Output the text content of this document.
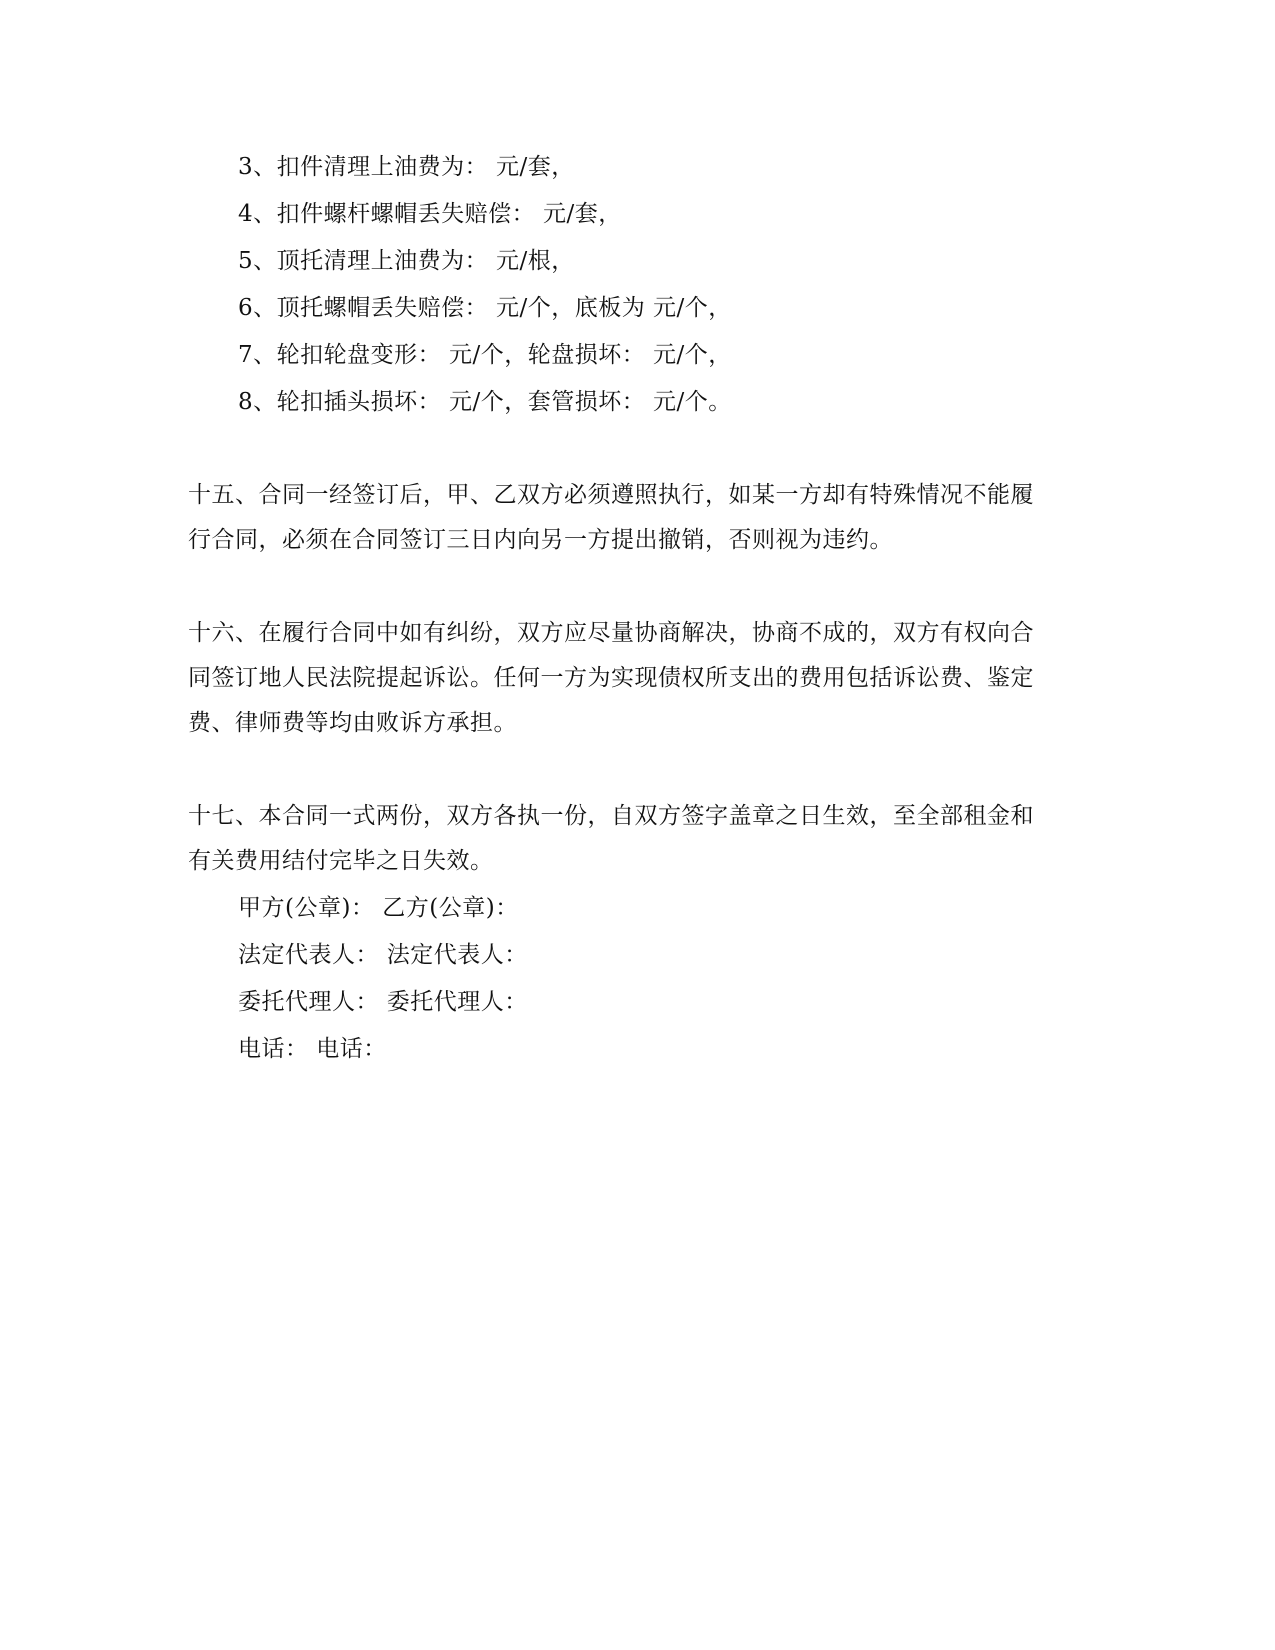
3、扣件清理上油费为： 元/套，
4、扣件螺杆螺帽丢失赔偿： 元/套，
5、顶托清理上油费为： 元/根，
6、顶托螺帽丢失赔偿： 元/个，底板为 元/个，
7、轮扣轮盘变形： 元/个，轮盘损坏： 元/个，
8、轮扣插头损坏： 元/个，套管损坏： 元/个。
十五、合同一经签订后，甲、乙双方必须遵照执行，如某一方却有特殊情况不能履
行合同，必须在合同签订三日内向另一方提出撤销，否则视为违约。
十六、在履行合同中如有纠纷，双方应尽量协商解决，协商不成的，双方有权向合
同签订地人民法院提起诉讼。任何一方为实现债权所支出的费用包括诉讼费、鉴定
费、律师费等均由败诉方承担。
十七、本合同一式两份，双方各执一份，自双方签字盖章之日生效，至全部租金和
有关费用结付完毕之日失效。
甲方(公章)： 乙方(公章)：
法定代表人： 法定代表人：
委托代理人： 委托代理人：
电话： 电话：
